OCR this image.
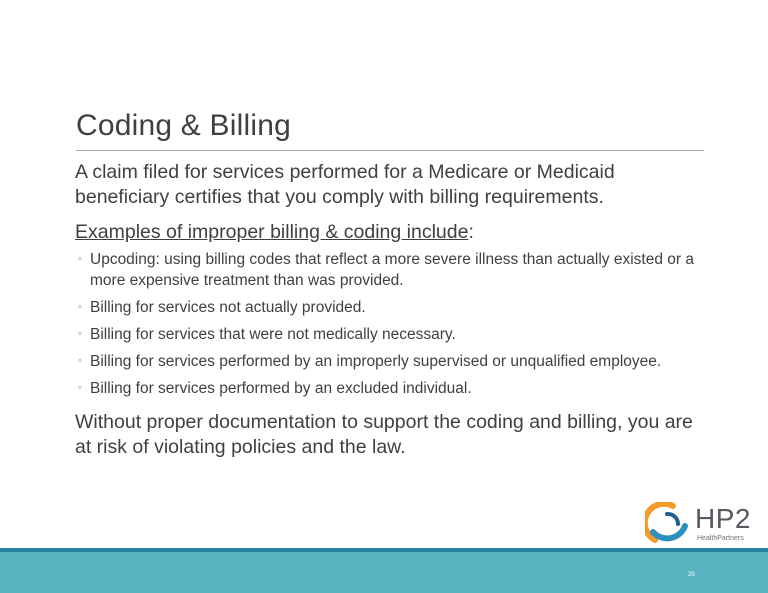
Coding & Billing

A claim filed for services performed for a Medicare or Medicaid beneficiary certifies that you comply with billing requirements.

Examples of improper billing & coding include:

◦ Upcoding: using billing codes that reflect a more severe illness than actually existed or a more expensive treatment than was provided.
◦ Billing for services not actually provided.
◦ Billing for services that were not medically necessary.
◦ Billing for services performed by an improperly supervised or unqualified employee.
◦ Billing for services performed by an excluded individual.

Without proper documentation to support the coding and billing, you are at risk of violating policies and the law.

HP2
HealthPartners
25
